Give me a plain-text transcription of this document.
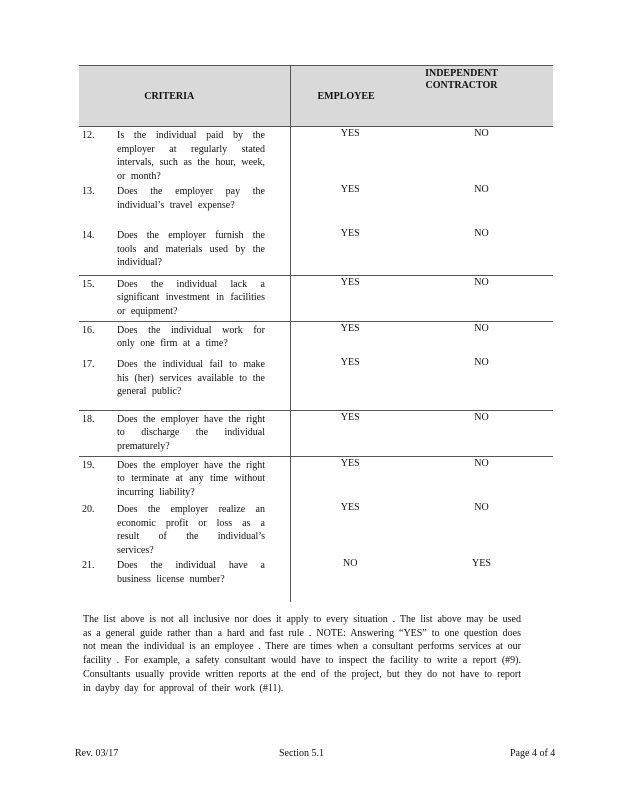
CRITERIA	EMPLOYEE	INDEPENDENT
CONTRACTOR

12. Is the individual paid by the employer at regularly stated intervals, such as the hour, week, or month?	YES	NO

13. Does the employer pay the individual’s travel expense?	YES	NO

14. Does the employer furnish the tools and materials used by the individual?	YES	NO

15. Does the individual lack a significant investment in facilities or equipment?	YES	NO

16. Does the individual work for only one firm at a time?	YES	NO

17. Does the individual fail to make his (her) services available to the general public?	YES	NO

18. Does the employer have the right to discharge the individual prematurely?	YES	NO

19. Does the employer have the right to terminate at any time without incurring liability?	YES	NO

20. Does the employer realize an economic profit or loss as a result of the individual’s services?	YES	NO

21. Does the individual have a business license number?	NO	YES
The list above is not all inclusive nor does it apply to every situation . The list above may be used as a general guide rather than a hard and fast rule . NOTE: Answering “YES” to one question does not mean the individual is an employee . There are times when a consultant performs services at our facility . For example, a safety consultant would have to inspect the facility to write a report (#9). Consultants usually provide written reports at the end of the project, but they do not have to report in dayby day for approval of their work (#11).
Rev. 03/17	Section 5.1	Page 4 of 4
